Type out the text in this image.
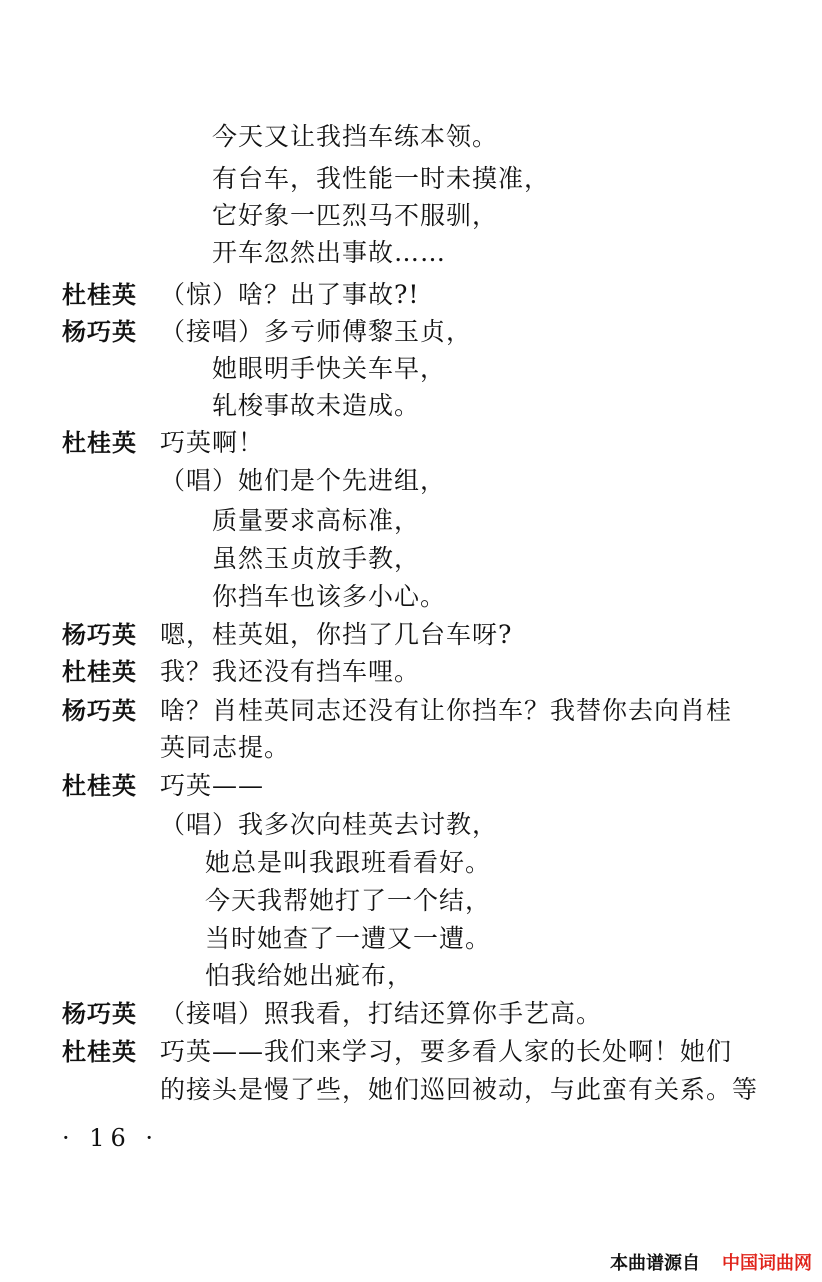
今天又让我挡车练本领。
有台车，我性能一时未摸准，
它好象一匹烈马不服驯，
开车忽然出事故……
杜桂英 （惊）啥？出了事故?!
杨巧英 （接唱）多亏师傅黎玉贞，
她眼明手快关车早，
轧梭事故未造成。
杜桂英 巧英啊！
（唱）她们是个先进组，
质量要求高标准，
虽然玉贞放手教，
你挡车也该多小心。
杨巧英 嗯，桂英姐，你挡了几台车呀?
杜桂英 我？我还没有挡车哩。
杨巧英 啥？肖桂英同志还没有让你挡车？我替你去向肖桂
英同志提。
杜桂英 巧英——
（唱）我多次向桂英去讨教，
她总是叫我跟班看看好。
今天我帮她打了一个结，
当时她查了一遭又一遭。
怕我给她出疵布，
杨巧英 （接唱）照我看，打结还算你手艺高。
杜桂英 巧英——我们来学习，要多看人家的长处啊！她们
的接头是慢了些，她们巡回被动，与此蛮有关系。等
· 16 ·
本曲谱源自 中国词曲网
